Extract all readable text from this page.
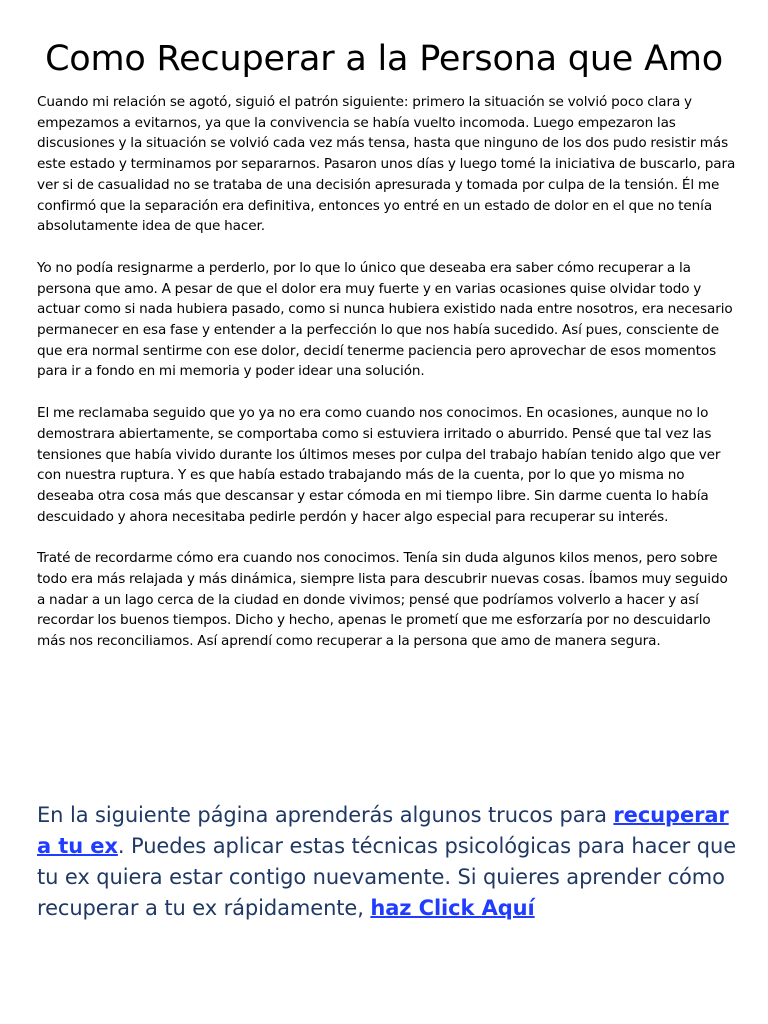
Como Recuperar a la Persona que Amo

Cuando mi relación se agotó, siguió el patrón siguiente: primero la situación se volvió poco clara y empezamos a evitarnos, ya que la convivencia se había vuelto incomoda. Luego empezaron las discusiones y la situación se volvió cada vez más tensa, hasta que ninguno de los dos pudo resistir más este estado y terminamos por separarnos. Pasaron unos días y luego tomé la iniciativa de buscarlo, para ver si de casualidad no se trataba de una decisión apresurada y tomada por culpa de la tensión. Él me confirmó que la separación era definitiva, entonces yo entré en un estado de dolor en el que no tenía absolutamente idea de que hacer.

Yo no podía resignarme a perderlo, por lo que lo único que deseaba era saber cómo recuperar a la persona que amo. A pesar de que el dolor era muy fuerte y en varias ocasiones quise olvidar todo y actuar como si nada hubiera pasado, como si nunca hubiera existido nada entre nosotros, era necesario permanecer en esa fase y entender a la perfección lo que nos había sucedido. Así pues, consciente de que era normal sentirme con ese dolor, decidí tenerme paciencia pero aprovechar de esos momentos para ir a fondo en mi memoria y poder idear una solución.

El me reclamaba seguido que yo ya no era como cuando nos conocimos. En ocasiones, aunque no lo demostrara abiertamente, se comportaba como si estuviera irritado o aburrido. Pensé que tal vez las tensiones que había vivido durante los últimos meses por culpa del trabajo habían tenido algo que ver con nuestra ruptura. Y es que había estado trabajando más de la cuenta, por lo que yo misma no deseaba otra cosa más que descansar y estar cómoda en mi tiempo libre. Sin darme cuenta lo había descuidado y ahora necesitaba pedirle perdón y hacer algo especial para recuperar su interés.

Traté de recordarme cómo era cuando nos conocimos. Tenía sin duda algunos kilos menos, pero sobre todo era más relajada y más dinámica, siempre lista para descubrir nuevas cosas. Íbamos muy seguido a nadar a un lago cerca de la ciudad en donde vivimos; pensé que podríamos volverlo a hacer y así recordar los buenos tiempos. Dicho y hecho, apenas le prometí que me esforzaría por no descuidarlo más nos reconciliamos. Así aprendí como recuperar a la persona que amo de manera segura.

En la siguiente página aprenderás algunos trucos para recuperar a tu ex. Puedes aplicar estas técnicas psicológicas para hacer que tu ex quiera estar contigo nuevamente. Si quieres aprender cómo recuperar a tu ex rápidamente, haz Click Aquí
